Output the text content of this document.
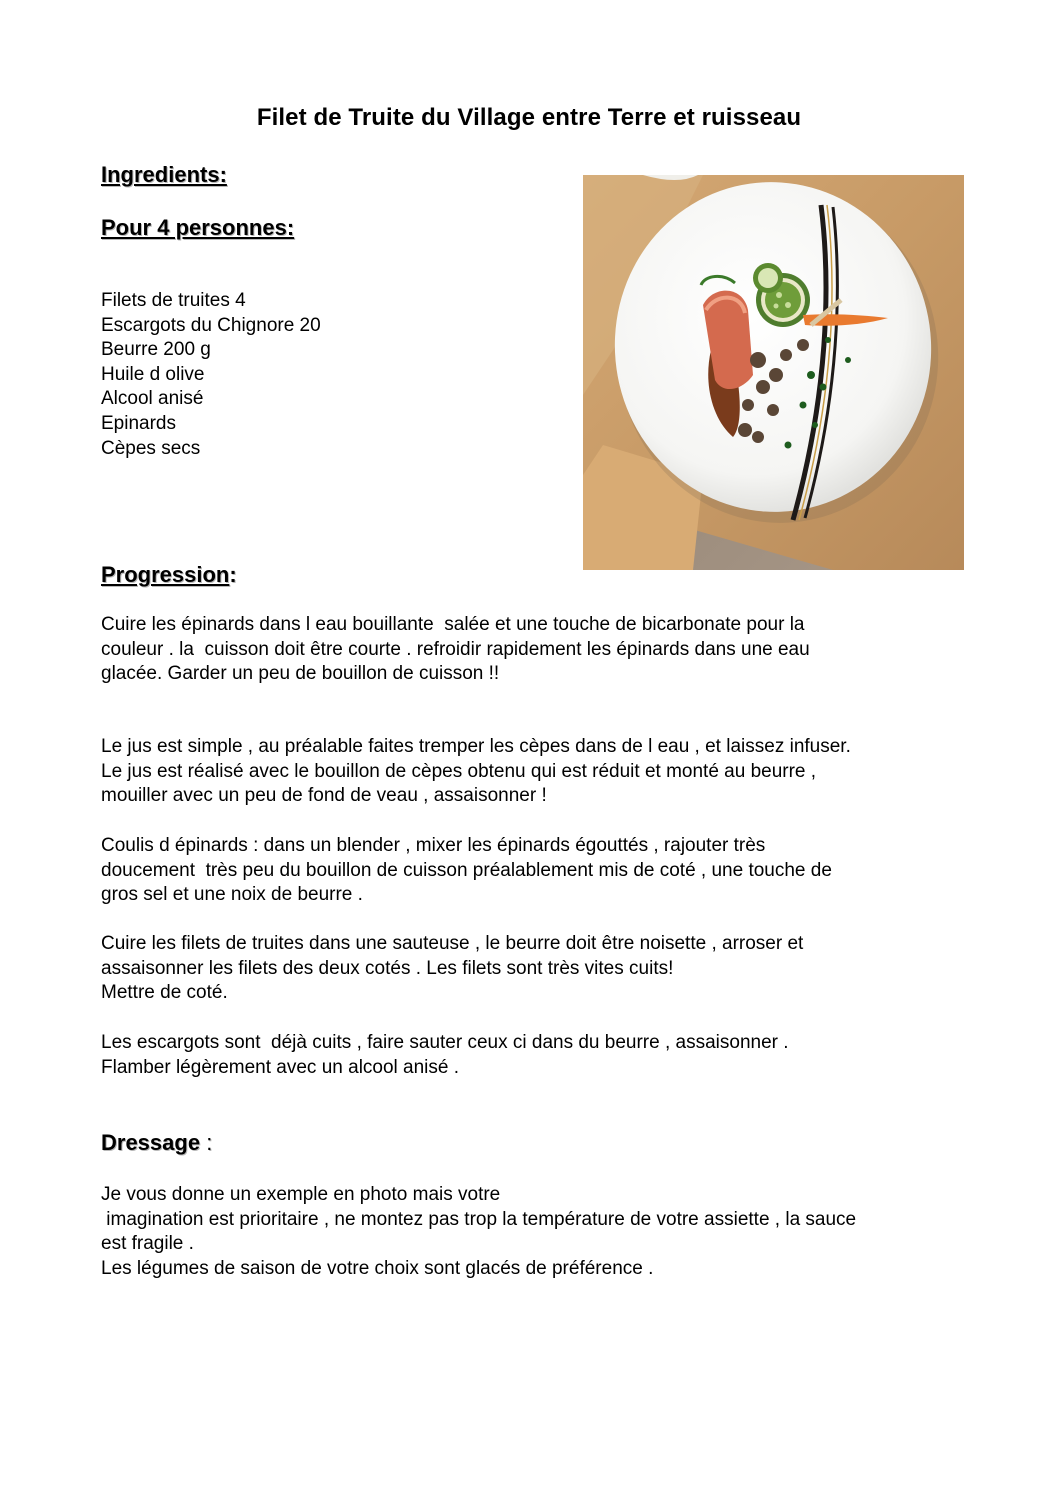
Filet de Truite du Village entre Terre et ruisseau
Ingredients:
Pour 4 personnes:
Filets de truites 4
Escargots du Chignore 20
Beurre 200 g
Huile d olive
Alcool anisé
Epinards
Cèpes secs
Progression:

Cuire les épinards dans l eau bouillante  salée et une touche de bicarbonate pour la
couleur . la  cuisson doit être courte . refroidir rapidement les épinards dans une eau
glacée. Garder un peu de bouillon de cuisson !!

Le jus est simple , au préalable faites tremper les cèpes dans de l eau , et laissez infuser.
Le jus est réalisé avec le bouillon de cèpes obtenu qui est réduit et monté au beurre ,
mouiller avec un peu de fond de veau , assaisonner !

Coulis d épinards : dans un blender , mixer les épinards égouttés , rajouter très
doucement  très peu du bouillon de cuisson préalablement mis de coté , une touche de
gros sel et une noix de beurre .

Cuire les filets de truites dans une sauteuse , le beurre doit être noisette , arroser et
assaisonner les filets des deux cotés . Les filets sont très vites cuits!
Mettre de coté.

Les escargots sont  déjà cuits , faire sauter ceux ci dans du beurre , assaisonner .
Flamber légèrement avec un alcool anisé .

Dressage :

Je vous donne un exemple en photo mais votre
imagination est prioritaire , ne montez pas trop la température de votre assiette , la sauce
est fragile .
Les légumes de saison de votre choix sont glacés de préférence .
